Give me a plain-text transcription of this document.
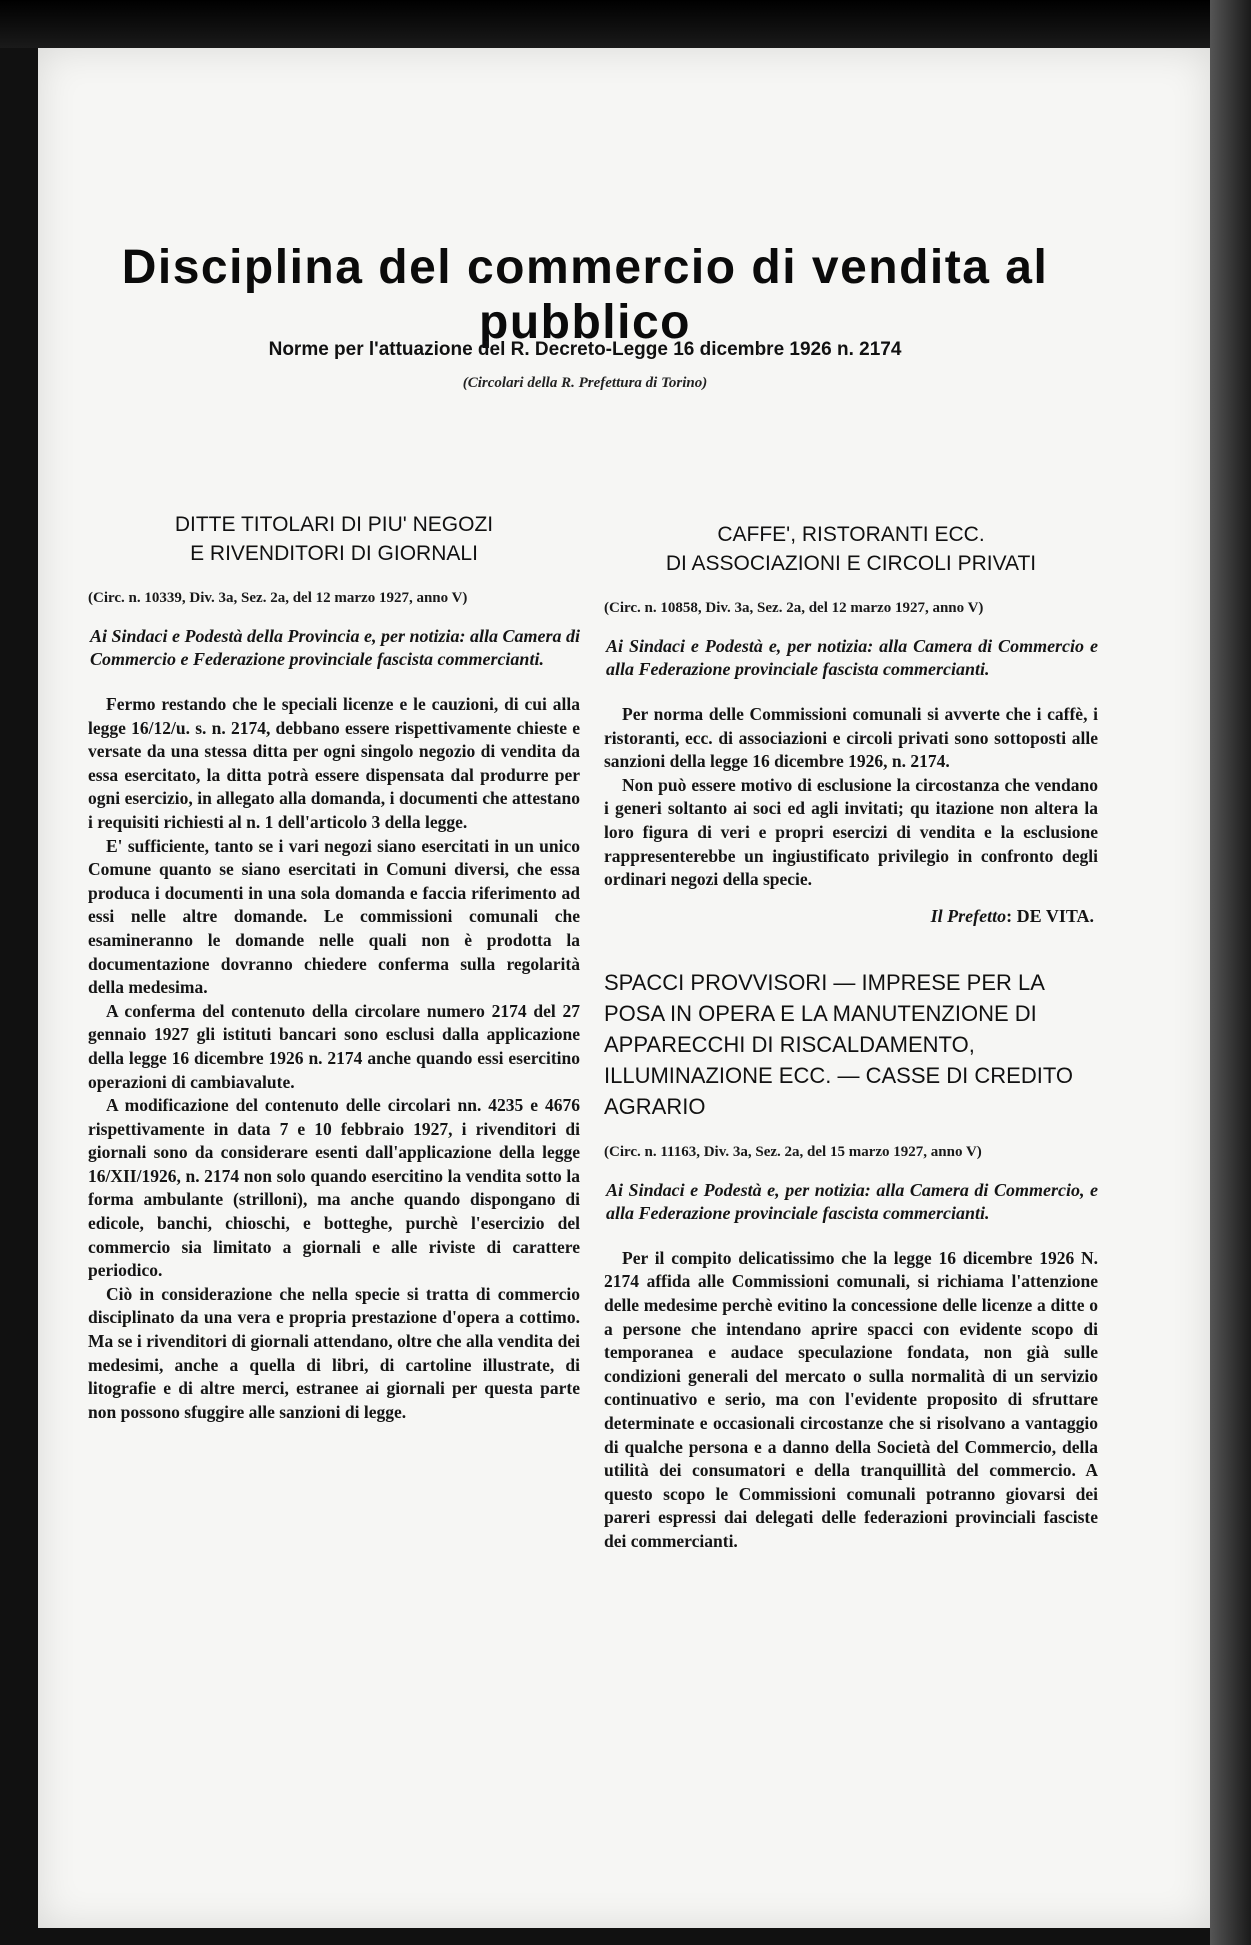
Disciplina del commercio di vendita al pubblico
Norme per l'attuazione del R. Decreto-Legge 16 dicembre 1926 n. 2174
(Circolari della R. Prefettura di Torino)

DITTE TITOLARI DI PIU' NEGOZI

E RIVENDITORI DI GIORNALI

(Circ. n. 10339, Div. 3a, Sez. 2a, del 12 marzo 1927, anno V)

Ai Sindaci e Podestà della Provincia e, per notizia: alla Camera di Commercio e Federazione provinciale fascista commercianti.

Fermo restando che le speciali licenze e le cauzioni, di cui alla legge 16/12/u. s. n. 2174, debbano essere rispettivamente chieste e versate da una stessa ditta per ogni singolo negozio di vendita da essa esercitato, la ditta potrà essere dispensata dal produrre per ogni esercizio, in allegato alla domanda, i documenti che attestano i requisiti richiesti al n. 1 dell'articolo 3 della legge.

E' sufficiente, tanto se i vari negozi siano esercitati in un unico Comune quanto se siano esercitati in Comuni diversi, che essa produca i documenti in una sola domanda e faccia riferimento ad essi nelle altre domande. Le commissioni comunali che esamineranno le domande nelle quali non è prodotta la documentazione dovranno chiedere conferma sulla regolarità della medesima.

A conferma del contenuto della circolare numero 2174 del 27 gennaio 1927 gli istituti bancari sono esclusi dalla applicazione della legge 16 dicembre 1926 n. 2174 anche quando essi esercitino operazioni di cambiavalute.

A modificazione del contenuto delle circolari nn. 4235 e 4676 rispettivamente in data 7 e 10 febbraio 1927, i rivenditori di giornali sono da considerare esenti dall'applicazione della legge 16/XII/1926, n. 2174 non solo quando esercitino la vendita sotto la forma ambulante (strilloni), ma anche quando dispongano di edicole, banchi, chioschi, e botteghe, purchè l'esercizio del commercio sia limitato a giornali e alle riviste di carattere periodico.

Ciò in considerazione che nella specie si tratta di commercio disciplinato da una vera e propria prestazione d'opera a cottimo. Ma se i rivenditori di giornali attendano, oltre che alla vendita dei medesimi, anche a quella di libri, di cartoline illustrate, di litografie e di altre merci, estranee ai giornali per questa parte non possono sfuggire alle sanzioni di legge.

CAFFE', RISTORANTI ECC.

DI ASSOCIAZIONI E CIRCOLI PRIVATI

(Circ. n. 10858, Div. 3a, Sez. 2a, del 12 marzo 1927, anno V)

Ai Sindaci e Podestà e, per notizia: alla Camera di Commercio e alla Federazione provinciale fascista commercianti.

Per norma delle Commissioni comunali si avverte che i caffè, i ristoranti, ecc. di associazioni e circoli privati sono sottoposti alle sanzioni della legge 16 dicembre 1926, n. 2174.

Non può essere motivo di esclusione la circostanza che vendano i generi soltanto ai soci ed agli invitati; qu itazione non altera la loro figura di veri e propri esercizi di vendita e la esclusione rappresenterebbe un ingiustificato privilegio in confronto degli ordinari negozi della specie.

Il Prefetto: DE VITA.

SPACCI PROVVISORI — IMPRESE PER LA POSA IN OPERA E LA MANUTENZIONE DI APPARECCHI DI RISCALDAMENTO, ILLUMINAZIONE ECC. — CASSE DI CREDITO AGRARIO

(Circ. n. 11163, Div. 3a, Sez. 2a, del 15 marzo 1927, anno V)

Ai Sindaci e Podestà e, per notizia: alla Camera di Commercio, e alla Federazione provinciale fascista commercianti.

Per il compito delicatissimo che la legge 16 dicembre 1926 N. 2174 affida alle Commissioni comunali, si richiama l'attenzione delle medesime perchè evitino la concessione delle licenze a ditte o a persone che intendano aprire spacci con evidente scopo di temporanea e audace speculazione fondata, non già sulle condizioni generali del mercato o sulla normalità di un servizio continuativo e serio, ma con l'evidente proposito di sfruttare determinate e occasionali circostanze che si risolvano a vantaggio di qualche persona e a danno della Società del Commercio, della utilità dei consumatori e della tranquillità del commercio. A questo scopo le Commissioni comunali potranno giovarsi dei pareri espressi dai delegati delle federazioni provinciali fasciste dei commercianti.
